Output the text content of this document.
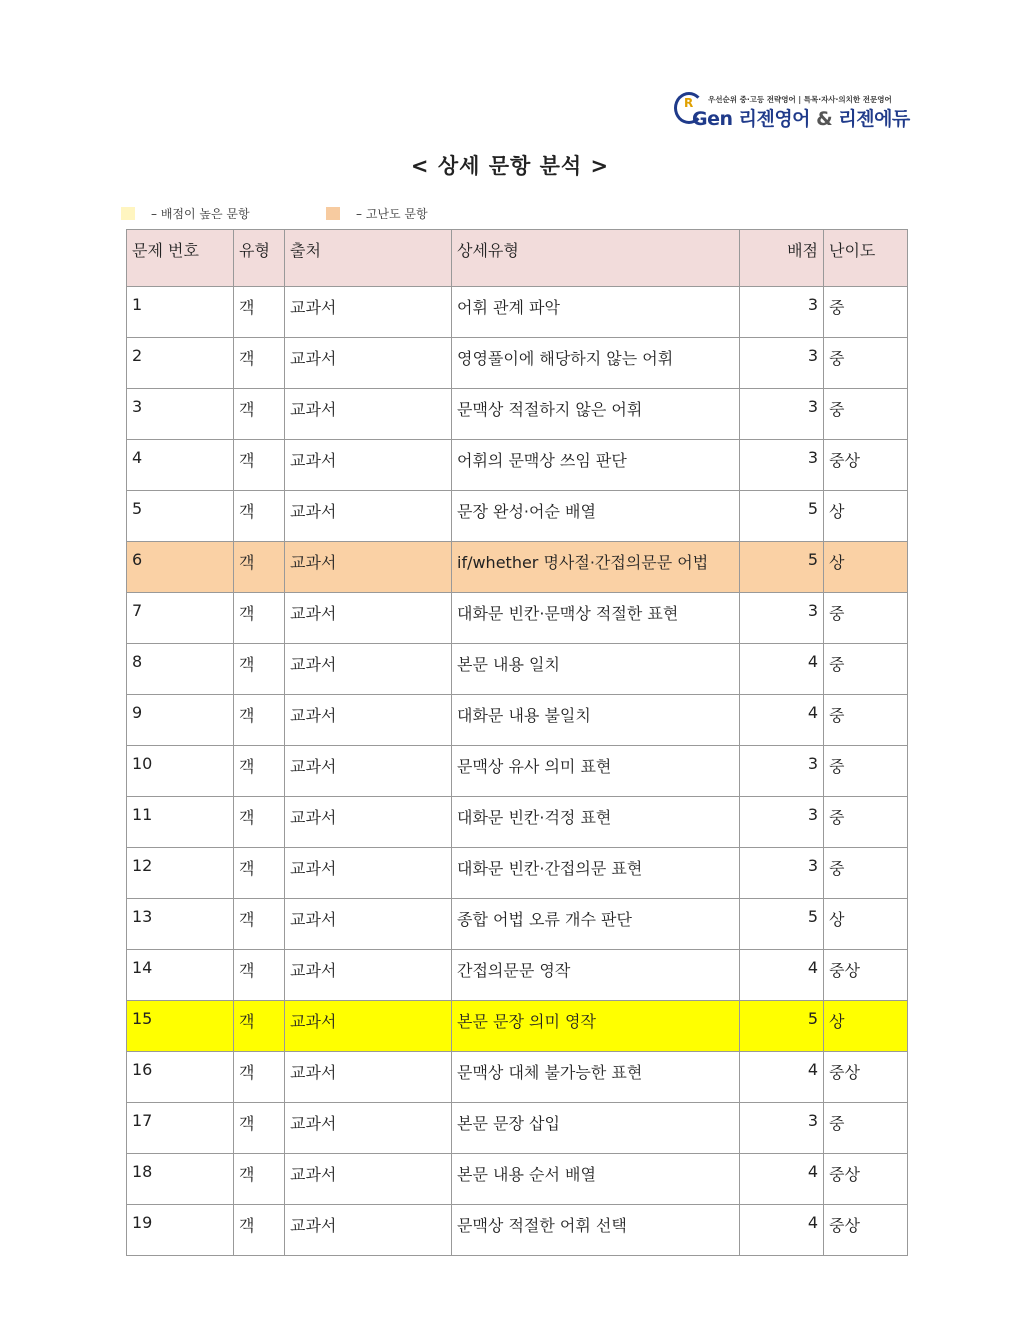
우선순위 중·고등 전략영어 | 특목·자사·의치한 전문영어
R
Gen 리젠영어 & 리젠에듀
< 상세 문항 분석 >
– 배점이 높은 문항	– 고난도 문항
문제 번호	유형	출처	상세유형	배점	난이도
1	객	교과서	어휘 관계 파악	3	중
2	객	교과서	영영풀이에 해당하지 않는 어휘	3	중
3	객	교과서	문맥상 적절하지 않은 어휘	3	중
4	객	교과서	어휘의 문맥상 쓰임 판단	3	중상
5	객	교과서	문장 완성·어순 배열	5	상
6	객	교과서	if/whether 명사절·간접의문문 어법	5	상
7	객	교과서	대화문 빈칸·문맥상 적절한 표현	3	중
8	객	교과서	본문 내용 일치	4	중
9	객	교과서	대화문 내용 불일치	4	중
10	객	교과서	문맥상 유사 의미 표현	3	중
11	객	교과서	대화문 빈칸·걱정 표현	3	중
12	객	교과서	대화문 빈칸·간접의문 표현	3	중
13	객	교과서	종합 어법 오류 개수 판단	5	상
14	객	교과서	간접의문문 영작	4	중상
15	객	교과서	본문 문장 의미 영작	5	상
16	객	교과서	문맥상 대체 불가능한 표현	4	중상
17	객	교과서	본문 문장 삽입	3	중
18	객	교과서	본문 내용 순서 배열	4	중상
19	객	교과서	문맥상 적절한 어휘 선택	4	중상
